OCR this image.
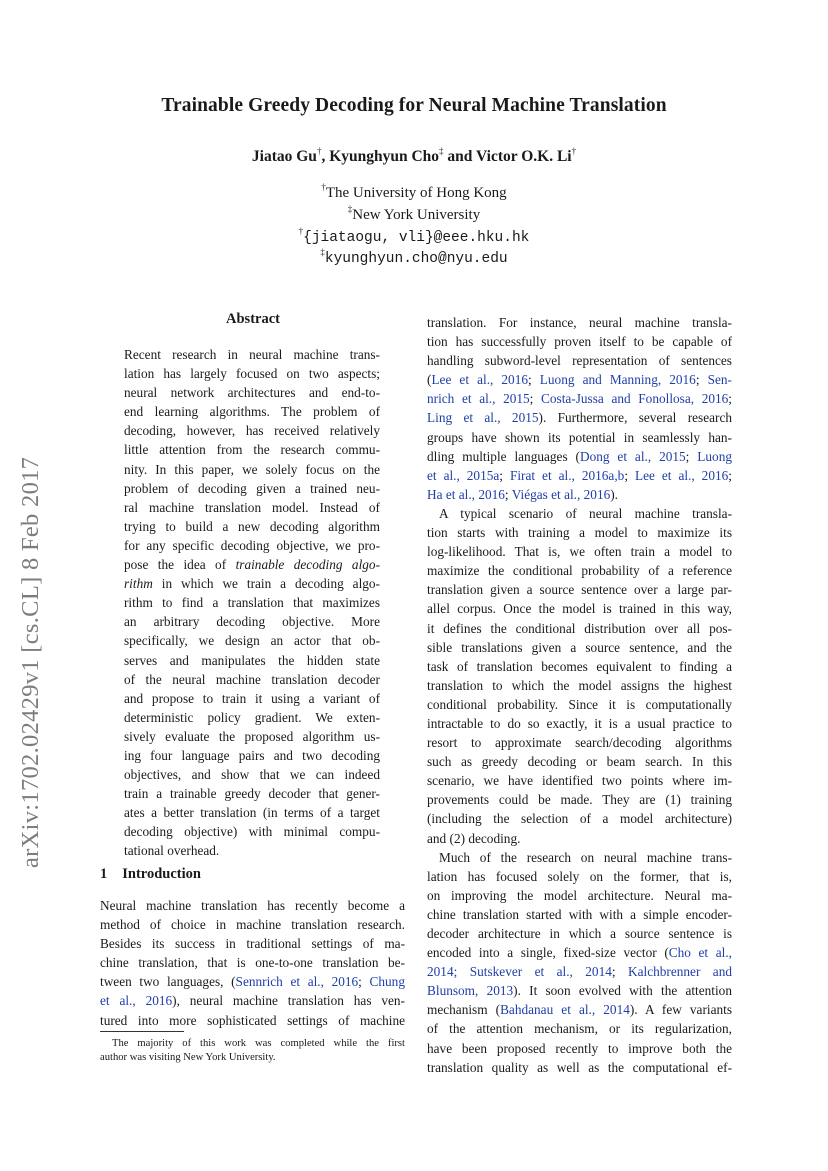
arXiv:1702.02429v1 [cs.CL] 8 Feb 2017
Trainable Greedy Decoding for Neural Machine Translation
Jiatao Gu†, Kyunghyun Cho‡ and Victor O.K. Li†
†The University of Hong Kong
‡New York University
†{jiataogu, vli}@eee.hku.hk
‡kyunghyun.cho@nyu.edu
Abstract
Recent research in neural machine trans-
lation has largely focused on two aspects;
neural network architectures and end-to-
end learning algorithms. The problem of
decoding, however, has received relatively
little attention from the research commu-
nity. In this paper, we solely focus on the
problem of decoding given a trained neu-
ral machine translation model. Instead of
trying to build a new decoding algorithm
for any specific decoding objective, we pro-
pose the idea of trainable decoding algo-
rithm in which we train a decoding algo-
rithm to find a translation that maximizes
an arbitrary decoding objective. More
specifically, we design an actor that ob-
serves and manipulates the hidden state
of the neural machine translation decoder
and propose to train it using a variant of
deterministic policy gradient. We exten-
sively evaluate the proposed algorithm us-
ing four language pairs and two decoding
objectives, and show that we can indeed
train a trainable greedy decoder that gener-
ates a better translation (in terms of a target
decoding objective) with minimal compu-
tational overhead.
1 Introduction
Neural machine translation has recently become a
method of choice in machine translation research.
Besides its success in traditional settings of ma-
chine translation, that is one-to-one translation be-
tween two languages, (Sennrich et al., 2016; Chung
et al., 2016), neural machine translation has ven-
tured into more sophisticated settings of machine
The majority of this work was completed while the first
author was visiting New York University.
translation. For instance, neural machine transla-
tion has successfully proven itself to be capable of
handling subword-level representation of sentences
(Lee et al., 2016; Luong and Manning, 2016; Sen-
nrich et al., 2015; Costa-Jussa and Fonollosa, 2016;
Ling et al., 2015). Furthermore, several research
groups have shown its potential in seamlessly han-
dling multiple languages (Dong et al., 2015; Luong
et al., 2015a; Firat et al., 2016a,b; Lee et al., 2016;
Ha et al., 2016; Viégas et al., 2016).
A typical scenario of neural machine transla-
tion starts with training a model to maximize its
log-likelihood. That is, we often train a model to
maximize the conditional probability of a reference
translation given a source sentence over a large par-
allel corpus. Once the model is trained in this way,
it defines the conditional distribution over all pos-
sible translations given a source sentence, and the
task of translation becomes equivalent to finding a
translation to which the model assigns the highest
conditional probability. Since it is computationally
intractable to do so exactly, it is a usual practice to
resort to approximate search/decoding algorithms
such as greedy decoding or beam search. In this
scenario, we have identified two points where im-
provements could be made. They are (1) training
(including the selection of a model architecture)
and (2) decoding.
Much of the research on neural machine trans-
lation has focused solely on the former, that is,
on improving the model architecture. Neural ma-
chine translation started with with a simple encoder-
decoder architecture in which a source sentence is
encoded into a single, fixed-size vector (Cho et al.,
2014; Sutskever et al., 2014; Kalchbrenner and
Blunsom, 2013). It soon evolved with the attention
mechanism (Bahdanau et al., 2014). A few variants
of the attention mechanism, or its regularization,
have been proposed recently to improve both the
translation quality as well as the computational ef-
